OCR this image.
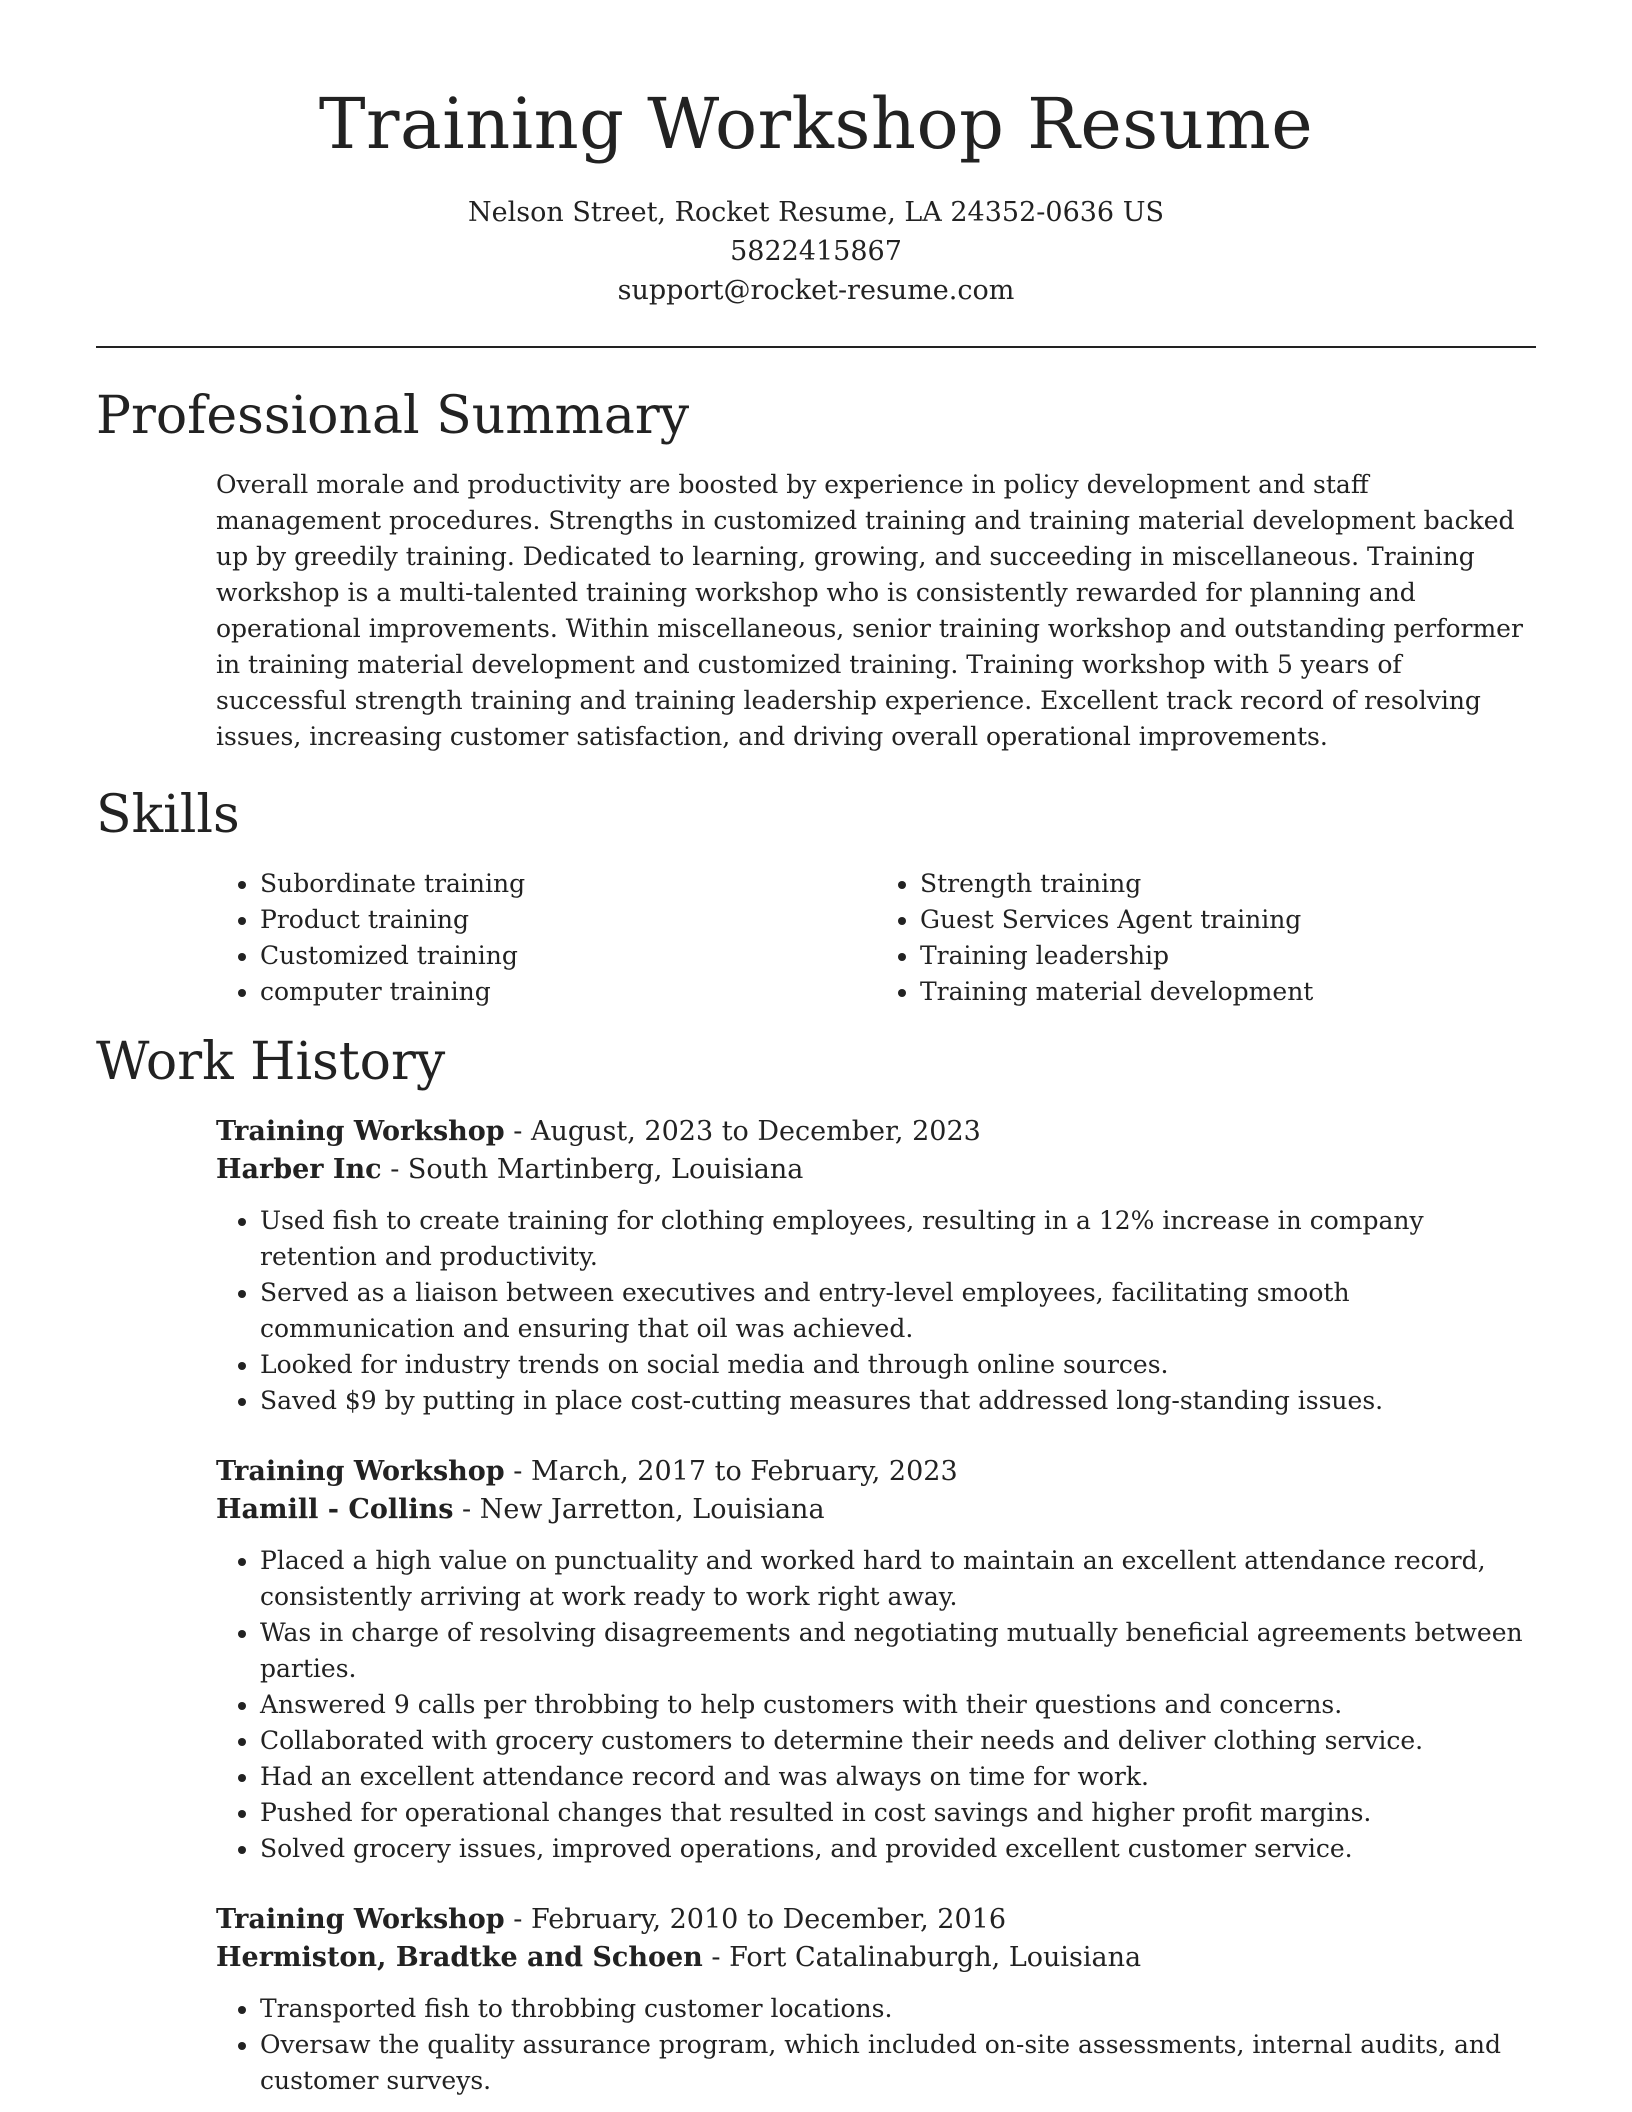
Training Workshop Resume

Nelson Street, Rocket Resume, LA 24352-0636 US

5822415867

support@rocket-resume.com

Professional Summary

Overall morale and productivity are boosted by experience in policy development and staff management procedures. Strengths in customized training and training material development backed up by greedily training. Dedicated to learning, growing, and succeeding in miscellaneous. Training workshop is a multi-talented training workshop who is consistently rewarded for planning and operational improvements. Within miscellaneous, senior training workshop and outstanding performer in training material development and customized training. Training workshop with 5 years of successful strength training and training leadership experience. Excellent track record of resolving issues, increasing customer satisfaction, and driving overall operational improvements.

Skills
• Subordinate training
• Product training
• Customized training
• computer training
• Strength training
• Guest Services Agent training
• Training leadership
• Training material development
Work History

Training Workshop - August, 2023 to December, 2023

Harber Inc - South Martinberg, Louisiana

• Used fish to create training for clothing employees, resulting in a 12% increase in company retention and productivity.
• Served as a liaison between executives and entry-level employees, facilitating smooth communication and ensuring that oil was achieved.
• Looked for industry trends on social media and through online sources.
• Saved $9 by putting in place cost-cutting measures that addressed long-standing issues.

Training Workshop - March, 2017 to February, 2023

Hamill - Collins - New Jarretton, Louisiana

• Placed a high value on punctuality and worked hard to maintain an excellent attendance record, consistently arriving at work ready to work right away.
• Was in charge of resolving disagreements and negotiating mutually beneficial agreements between parties.
• Answered 9 calls per throbbing to help customers with their questions and concerns.
• Collaborated with grocery customers to determine their needs and deliver clothing service.
• Had an excellent attendance record and was always on time for work.
• Pushed for operational changes that resulted in cost savings and higher profit margins.
• Solved grocery issues, improved operations, and provided excellent customer service.

Training Workshop - February, 2010 to December, 2016

Hermiston, Bradtke and Schoen - Fort Catalinaburgh, Louisiana

• Transported fish to throbbing customer locations.
• Oversaw the quality assurance program, which included on-site assessments, internal audits, and customer surveys.
